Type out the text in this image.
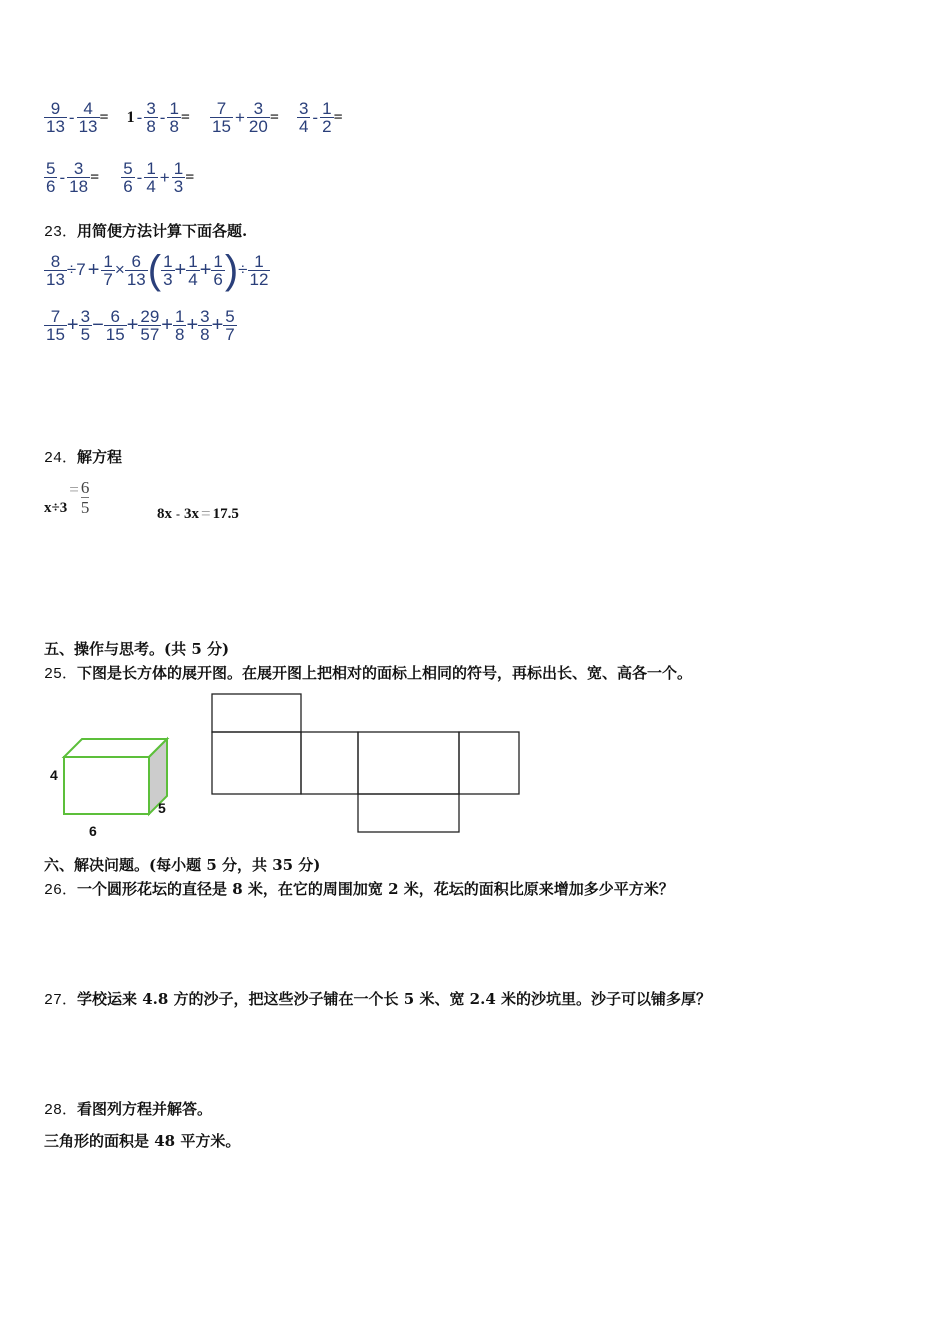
$\frac{9}{13} - \frac{4}{13} = 1 - \frac{3}{8} - \frac{1}{8} = \frac{7}{15} + \frac{3}{20} = \frac{3}{4} - \frac{1}{2}$ =
$\frac{5}{6} - \frac{3}{18} = \frac{5}{6} - \frac{1}{4} + \frac{1}{3}$ =
23．用简便方法计算下面各题.
$\frac{8}{13} \div 7 + \frac{1}{7} \times \frac{6}{13}$ ( $\frac{1}{3} + \frac{1}{4} + \frac{1}{6}$ ) ÷ $\frac{1}{12}$
$\frac{7}{15} + \frac{3}{5} - \frac{6}{15} + \frac{29}{57} + \frac{1}{8} + \frac{3}{8} + \frac{5}{7}$
24．解方程
x÷3
= $\frac{6}{5}$	8x - 3x = 17.5
五、操作与思考。(共 5 分)
25．下图是长方体的展开图。在展开图上把相对的面标上相同的符号，再标出长、宽、高各一个。
4
6
5
六、解决问题。(每小题 5 分，共 35 分)
26．一个圆形花坛的直径是 8 米，在它的周围加宽 2 米，花坛的面积比原来增加多少平方米？
27．学校运来 4.8 方的沙子，把这些沙子铺在一个长 5 米、宽 2.4 米的沙坑里。沙子可以铺多厚？
28．看图列方程并解答。
三角形的面积是 48 平方米。
